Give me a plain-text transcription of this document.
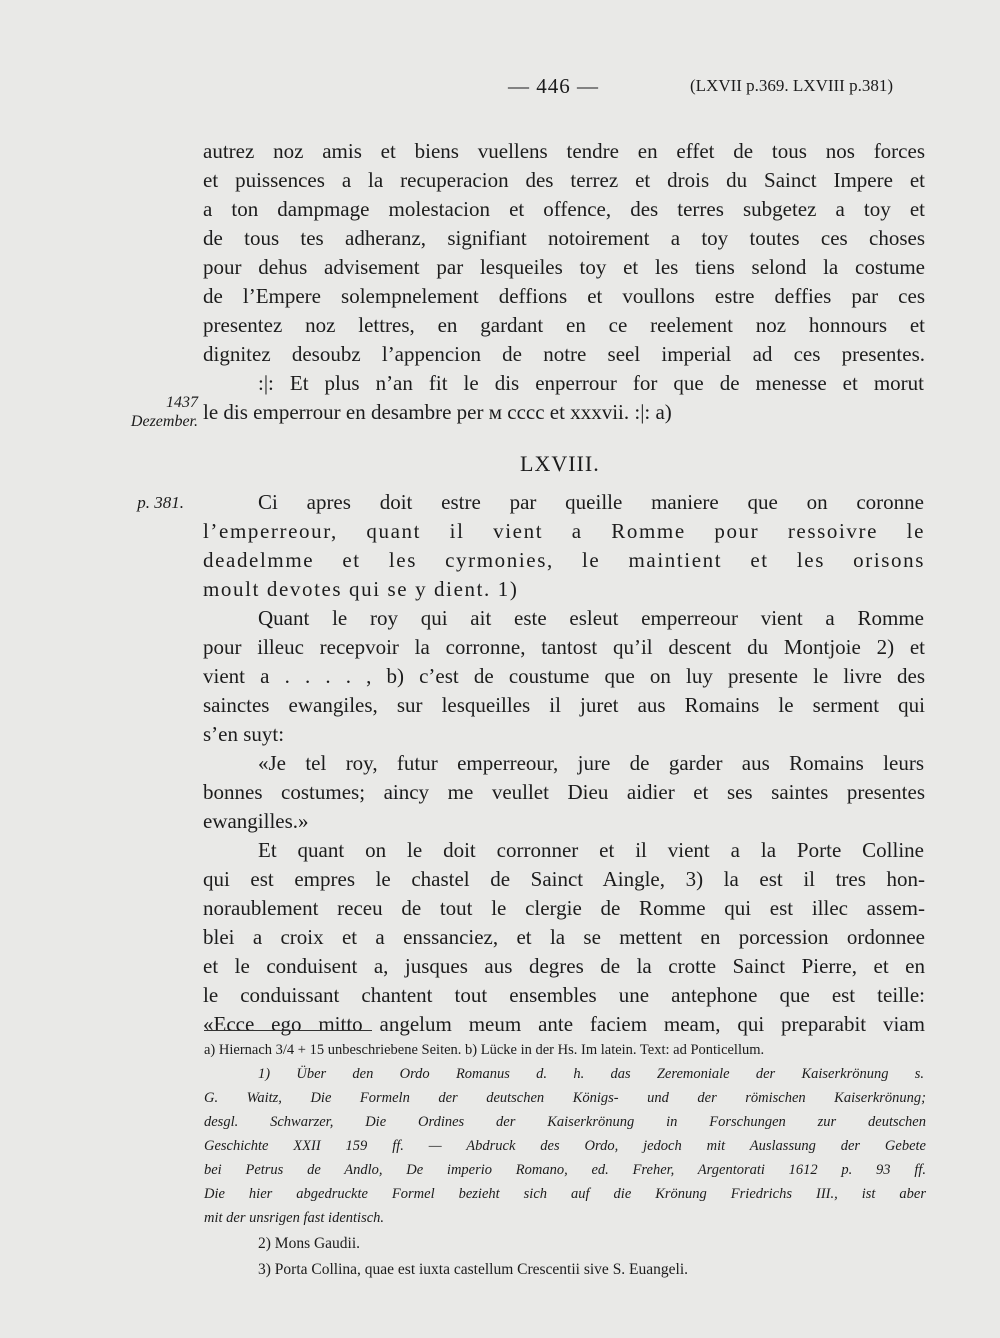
— 446 —	(LXVII p.369. LXVIII p.381)
1437
Dezember.
p. 381.
autrez noz amis et biens vuellens tendre en effet de tous nos forces
et puissences a la recuperacion des terrez et drois du Sainct Impere et
a ton dampmage molestacion et offence, des terres subgetez a toy et
de tous tes adheranz, signifiant notoirement a toy toutes ces choses
pour dehus advisement par lesqueiles toy et les tiens selond la costume
de l’Empere solempnelement deffions et voullons estre deffies par ces
presentez noz lettres, en gardant en ce reelement noz honnours et
dignitez desoubz l’appencion de notre seel imperial ad ces presentes.
:|: Et plus n’an fit le dis enperrour for que de menesse et morut
le dis emperrour en desambre per ᴍ cccc et xxxvii. :|: a)
LXVIII.
Ci apres doit estre par queille maniere que on coronne
l’emperreour, quant il vient a Romme pour ressoivre le
deadelmme et les cyrmonies, le maintient et les orisons
moult devotes qui se y dient. 1)
Quant le roy qui ait este esleut emperreour vient a Romme
pour illeuc recepvoir la corronne, tantost qu’il descent du Montjoie 2) et
vient a . . . . , b) c’est de coustume que on luy presente le livre des
sainctes ewangiles, sur lesqueilles il juret aus Romains le serment qui
s’en suyt:
«Je tel roy, futur emperreour, jure de garder aus Romains leurs
bonnes costumes; aincy me veullet Dieu aidier et ses saintes presentes
ewangilles.»
Et quant on le doit corronner et il vient a la Porte Colline
qui est empres le chastel de Sainct Aingle, 3) la est il tres hon-
noraublement receu de tout le clergie de Romme qui est illec assem-
blei a croix et a enssanciez, et la se mettent en porcession ordonnee
et le conduisent a, jusques aus degres de la crotte Sainct Pierre, et en
le conduissant chantent tout ensembles une antephone que est teille:
«Ecce ego mitto angelum meum ante faciem meam, qui preparabit viam
a) Hiernach 3/4 + 15 unbeschriebene Seiten. b) Lücke in der Hs. Im latein. Text: ad Ponticellum.
1) Über den Ordo Romanus d. h. das Zeremoniale der Kaiserkrönung s.
G. Waitz, Die Formeln der deutschen Königs- und der römischen Kaiserkrönung;
desgl. Schwarzer, Die Ordines der Kaiserkrönung in Forschungen zur deutschen
Geschichte XXII 159 ff. — Abdruck des Ordo, jedoch mit Auslassung der Gebete
bei Petrus de Andlo, De imperio Romano, ed. Freher, Argentorati 1612 p. 93 ff.
Die hier abgedruckte Formel bezieht sich auf die Krönung Friedrichs III., ist aber
mit der unsrigen fast identisch.
2) Mons Gaudii.
3) Porta Collina, quae est iuxta castellum Crescentii sive S. Euangeli.
